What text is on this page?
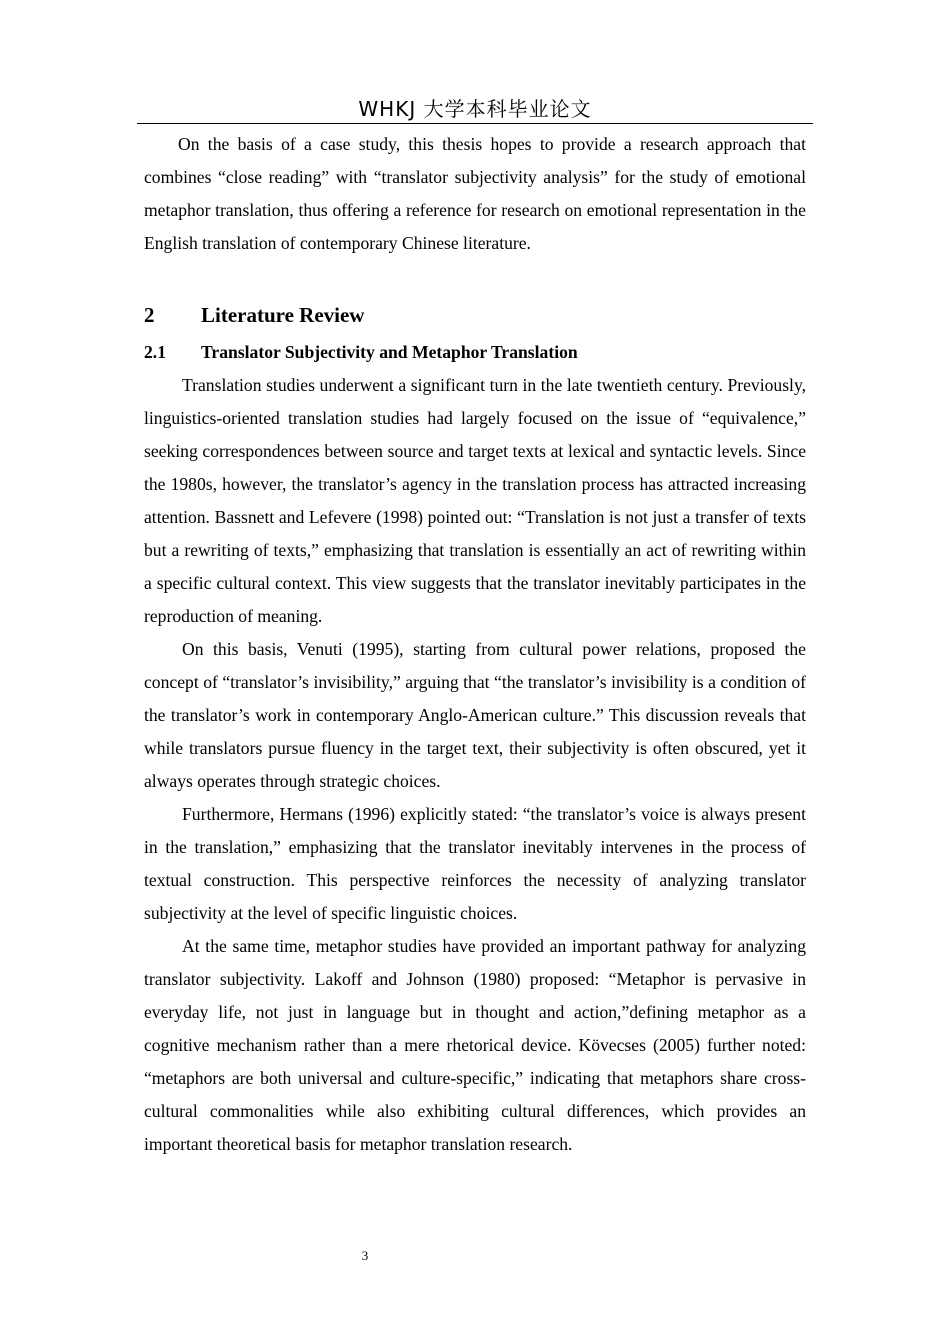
WHKJ 大学本科毕业论文

On the basis of a case study, this thesis hopes to provide a research approach that combines “close reading” with “translator subjectivity analysis” for the study of emotional metaphor translation, thus offering a reference for research on emotional representation in the English translation of contemporary Chinese literature.

2	Literature Review
2.1	Translator Subjectivity and Metaphor Translation

Translation studies underwent a significant turn in the late twentieth century. Previously, linguistics-oriented translation studies had largely focused on the issue of “equivalence,” seeking correspondences between source and target texts at lexical and syntactic levels. Since the 1980s, however, the translator’s agency in the translation process has attracted increasing attention. Bassnett and Lefevere (1998) pointed out: “Translation is not just a transfer of texts but a rewriting of texts,” emphasizing that translation is essentially an act of rewriting within a specific cultural context. This view suggests that the translator inevitably participates in the reproduction of meaning.

On this basis, Venuti (1995), starting from cultural power relations, proposed the concept of “translator’s invisibility,” arguing that “the translator’s invisibility is a condition of the translator’s work in contemporary Anglo-American culture.” This discussion reveals that while translators pursue fluency in the target text, their subjectivity is often obscured, yet it always operates through strategic choices.

Furthermore, Hermans (1996) explicitly stated: “the translator’s voice is always present in the translation,” emphasizing that the translator inevitably intervenes in the process of textual construction. This perspective reinforces the necessity of analyzing translator subjectivity at the level of specific linguistic choices.

At the same time, metaphor studies have provided an important pathway for analyzing translator subjectivity. Lakoff and Johnson (1980) proposed: “Metaphor is pervasive in everyday life, not just in language but in thought and action,”defining metaphor as a cognitive mechanism rather than a mere rhetorical device. Kövecses (2005) further noted: “metaphors are both universal and culture-specific,” indicating that metaphors share cross-cultural commonalities while also exhibiting cultural differences, which provides an important theoretical basis for metaphor translation research.

3
